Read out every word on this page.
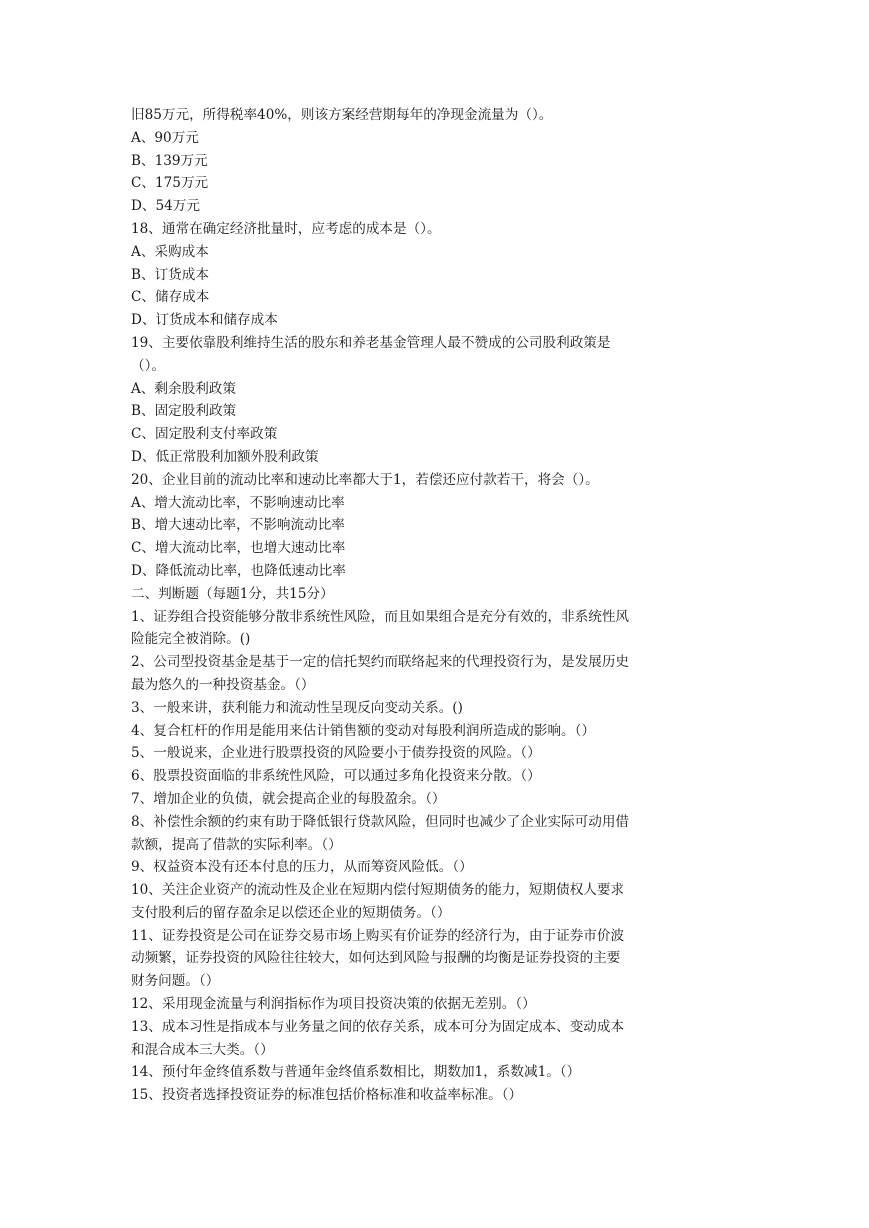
旧85万元，所得税率40%，则该方案经营期每年的净现金流量为（）。
A、90万元
B、139万元
C、175万元
D、54万元
18、通常在确定经济批量时，应考虑的成本是（）。
A、采购成本
B、订货成本
C、储存成本
D、订货成本和储存成本
19、主要依靠股利维持生活的股东和养老基金管理人最不赞成的公司股利政策是
（）。
A、剩余股利政策
B、固定股利政策
C、固定股利支付率政策
D、低正常股利加额外股利政策
20、企业目前的流动比率和速动比率都大于1，若偿还应付款若干，将会（）。
A、增大流动比率，不影响速动比率
B、增大速动比率，不影响流动比率
C、增大流动比率，也增大速动比率
D、降低流动比率，也降低速动比率
二、判断题（每题1分，共15分）
1、证券组合投资能够分散非系统性风险，而且如果组合是充分有效的，非系统性风
险能完全被消除。()
2、公司型投资基金是基于一定的信托契约而联络起来的代理投资行为，是发展历史
最为悠久的一种投资基金。（）
3、一般来讲，获利能力和流动性呈现反向变动关系。()
4、复合杠杆的作用是能用来估计销售额的变动对每股利润所造成的影响。（）
5、一般说来，企业进行股票投资的风险要小于债券投资的风险。（）
6、股票投资面临的非系统性风险，可以通过多角化投资来分散。（）
7、增加企业的负债，就会提高企业的每股盈余。（）
8、补偿性余额的约束有助于降低银行贷款风险，但同时也减少了企业实际可动用借
款额，提高了借款的实际利率。（）
9、权益资本没有还本付息的压力，从而筹资风险低。（）
10、关注企业资产的流动性及企业在短期内偿付短期债务的能力，短期债权人要求
支付股利后的留存盈余足以偿还企业的短期债务。（）
11、证券投资是公司在证券交易市场上购买有价证券的经济行为，由于证券市价波
动频繁，证券投资的风险往往较大，如何达到风险与报酬的均衡是证券投资的主要
财务问题。（）
12、采用现金流量与利润指标作为项目投资决策的依据无差别。（）
13、成本习性是指成本与业务量之间的依存关系，成本可分为固定成本、变动成本
和混合成本三大类。（）
14、预付年金终值系数与普通年金终值系数相比，期数加1，系数减1。（）
15、投资者选择投资证券的标准包括价格标准和收益率标准。（）
